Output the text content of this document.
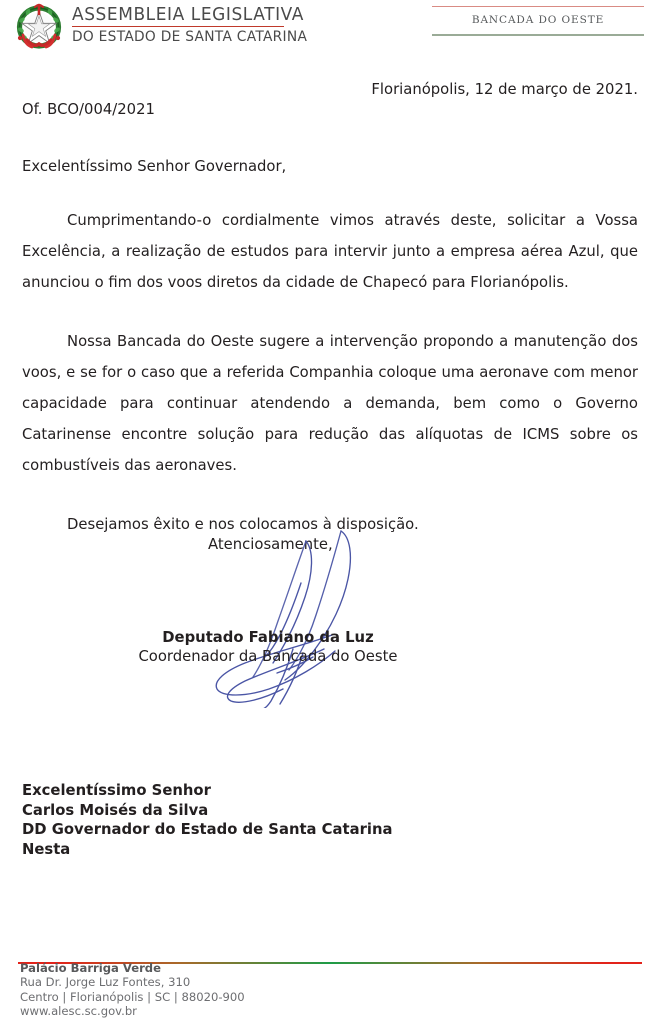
ASSEMBLEIA LEGISLATIVA
DO ESTADO DE SANTA CATARINA
BANCADA DO OESTE
Florianópolis, 12 de março de 2021.
Of. BCO/004/2021
Excelentíssimo Senhor Governador,

Cumprimentando-o cordialmente vimos através deste, solicitar a Vossa Excelência, a realização de estudos para intervir junto a empresa aérea Azul, que anunciou o fim dos voos diretos da cidade de Chapecó para Florianópolis.

Nossa Bancada do Oeste sugere a intervenção propondo a manutenção dos voos, e se for o caso que a referida Companhia coloque uma aeronave com menor capacidade para continuar atendendo a demanda, bem como o Governo Catarinense encontre solução para redução das alíquotas de ICMS sobre os combustíveis das aeronaves.

Desejamos êxito e nos colocamos à disposição.

Atenciosamente,
Deputado Fabiano da Luz
Coordenador da Bancada do Oeste
Excelentíssimo Senhor
Carlos Moisés da Silva
DD Governador do Estado de Santa Catarina
Nesta
Palácio Barriga Verde
Rua Dr. Jorge Luz Fontes, 310
Centro | Florianópolis | SC | 88020-900
www.alesc.sc.gov.br
